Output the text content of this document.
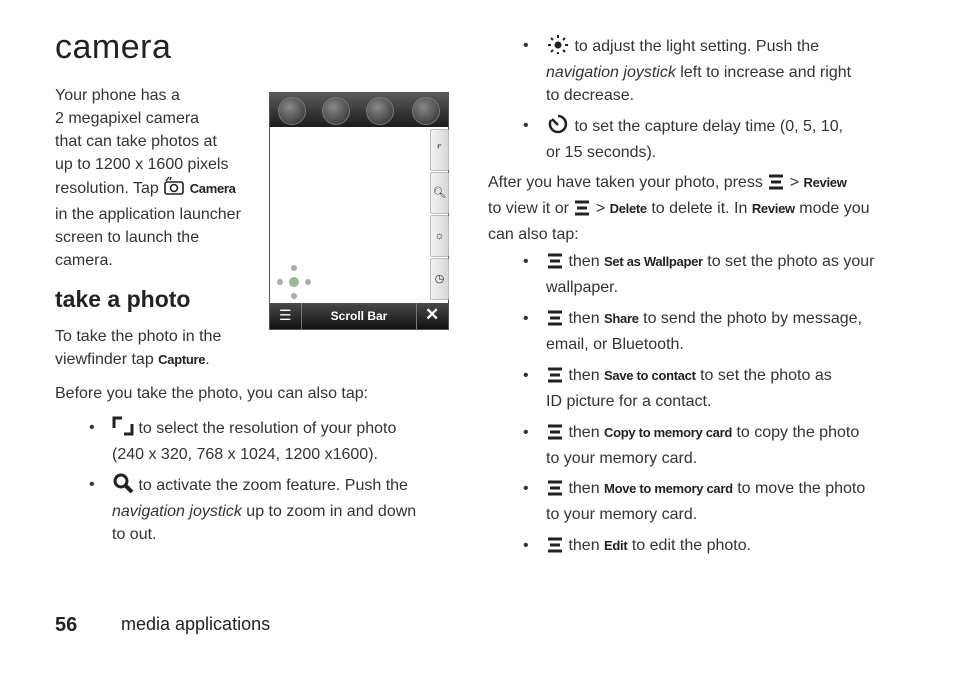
camera
Your phone has a
2 megapixel camera
that can take photos at
up to 1200 x 1600 pixels
resolution. Tap Camera
in the application launcher
screen to launch the
camera.
⌜
🔍︎
☼
◷
☰	Scroll Bar	✕
take a photo
To take the photo in the
viewfinder tap Capture.
Before you take the photo, you can also tap:
•	to select the resolution of your photo
(240 x 320, 768 x 1024, 1200 x1600).
•	to activate the zoom feature. Push the
navigation joystick up to zoom in and down
to out.
•	to adjust the light setting. Push the
navigation joystick left to increase and right
to decrease.
•	to set the capture delay time (0, 5, 10,
or 15 seconds).
After you have taken your photo, press > Review
to view it or > Delete to delete it. In Review mode you
can also tap:
•	then Set as Wallpaper to set the photo as your
wallpaper.
•	then Share to send the photo by message,
email, or Bluetooth.
•	then Save to contact to set the photo as
ID picture for a contact.
•	then Copy to memory card to copy the photo
to your memory card.
•	then Move to memory card to move the photo
to your memory card.
•	then Edit to edit the photo.
56 media applications
